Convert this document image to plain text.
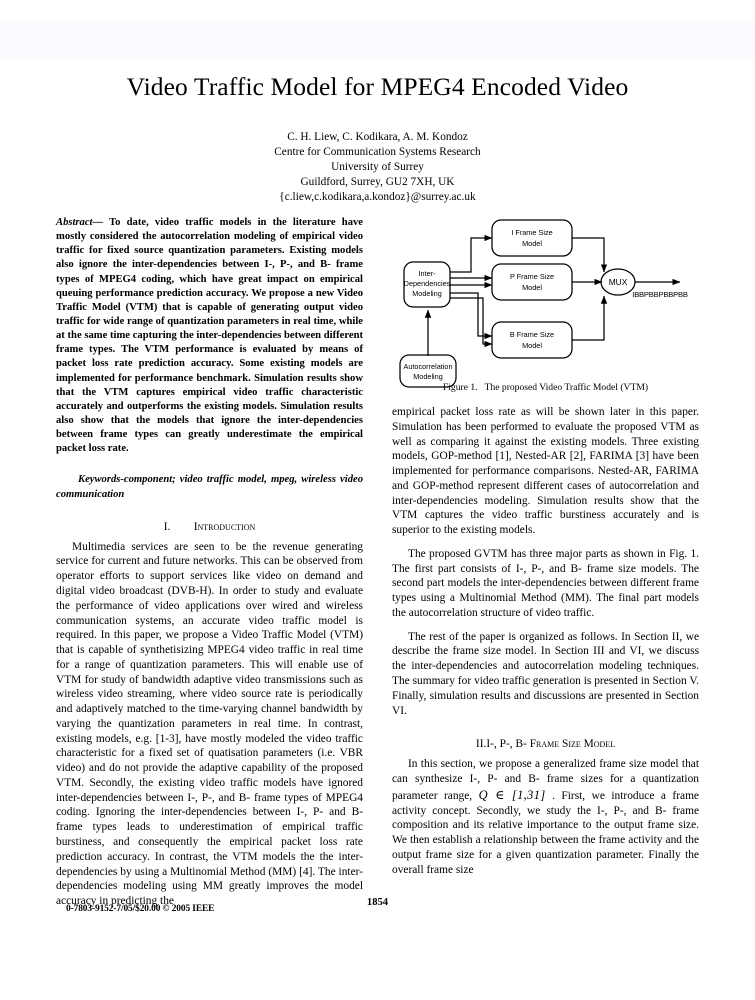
Video Traffic Model for MPEG4 Encoded Video
C. H. Liew, C. Kodikara, A. M. Kondoz
Centre for Communication Systems Research
University of Surrey
Guildford, Surrey, GU2 7XH, UK
{c.liew,c.kodikara,a.kondoz}@surrey.ac.uk

Abstract— To date, video traffic models in the literature have mostly considered the autocorrelation modeling of empirical video traffic for fixed source quantization parameters. Existing models also ignore the inter-dependencies between I-, P-, and B- frame types of MPEG4 coding, which have great impact on empirical queuing performance prediction accuracy. We propose a new Video Traffic Model (VTM) that is capable of generating output video traffic for wide range of quantization parameters in real time, while at the same time capturing the inter-dependencies between different frame types. The VTM performance is evaluated by means of packet loss rate prediction accuracy. Some existing models are implemented for performance benchmark. Simulation results show that the VTM captures empirical video traffic characteristic accurately and outperforms the existing models. Simulation results also show that the models that ignore the inter-dependencies between frame types can greatly underestimate the empirical packet loss rate.

Keywords-component; video traffic model, mpeg, wireless video communication

I. Introduction

Multimedia services are seen to be the revenue generating service for current and future networks. This can be observed from operator efforts to support services like video on demand and digital video broadcast (DVB-H). In order to study and evaluate the performance of video applications over wired and wireless communication systems, an accurate video traffic model is required. In this paper, we propose a Video Traffic Model (VTM) that is capable of synthetisizing MPEG4 video traffic in real time for a range of quantization parameters. This will enable use of VTM for study of bandwidth adaptive video transmissions such as wireless video streaming, where video source rate is periodically and adaptively matched to the time-varying channel bandwidth by varying the quantization parameters in real time. In contrast, existing models, e.g. [1-3], have mostly modeled the video traffic characteristic for a fixed set of quatisation parameters (i.e. VBR video) and do not provide the adaptive capability of the proposed VTM. Secondly, the existing video traffic models have ignored inter-dependencies between I-, P-, and B- frame types of MPEG4 coding. Ignoring the inter-dependencies between I-, P- and B- frame types leads to underestimation of empirical traffic burstiness, and consequently the empirical packet loss rate prediction accuracy. In contrast, the VTM models the the inter-dependencies by using a Multinomial Method (MM) [4]. The inter-dependencies modeling using MM greatly improves the model accuracy in predicting the

Inter-
Dependencies
Modeling
Autocorrelation
Modeling
I Frame Size
Model
P Frame Size
Model
B Frame Size
Model
MUX
IBBPBBPBBPBB
Figure 1. The proposed Video Traffic Model (VTM)

empirical packet loss rate as will be shown later in this paper. Simulation has been performed to evaluate the proposed VTM as well as comparing it against the existing models. Three existing models, GOP-method [1], Nested-AR [2], FARIMA [3] have been implemented for performance comparisons. Nested-AR, FARIMA and GOP-method represent different cases of autocorrelation and inter-dependencies modeling. Simulation results show that the VTM captures the video traffic burstiness accurately and is superior to the existing models.

The proposed GVTM has three major parts as shown in Fig. 1. The first part consists of I-, P-, and B- frame size models. The second part models the inter-dependencies between different frame types using a Multinomial Method (MM). The final part models the autocorrelation structure of video traffic.

The rest of the paper is organized as follows. In Section II, we describe the frame size model. In Section III and VI, we discuss the inter-dependencies and autocorrelation modeling techniques. The summary for video traffic generation is presented in Section V. Finally, simulation results and discussions are presented in Section VI.

II.I-, P-, B- Frame Size Model

In this section, we propose a generalized frame size model that can synthesize I-, P- and B- frame sizes for a quantization parameter range, Q ∈ [1,31] . First, we introduce a frame activity concept. Secondly, we study the I-, P-, and B- frame composition and its relative importance to the output frame size. We then establish a relationship between the frame activity and the output frame size for a given quantization parameter. Finally the overall frame size

0-7803-9152-7/05/$20.00 © 2005 IEEE
1854
